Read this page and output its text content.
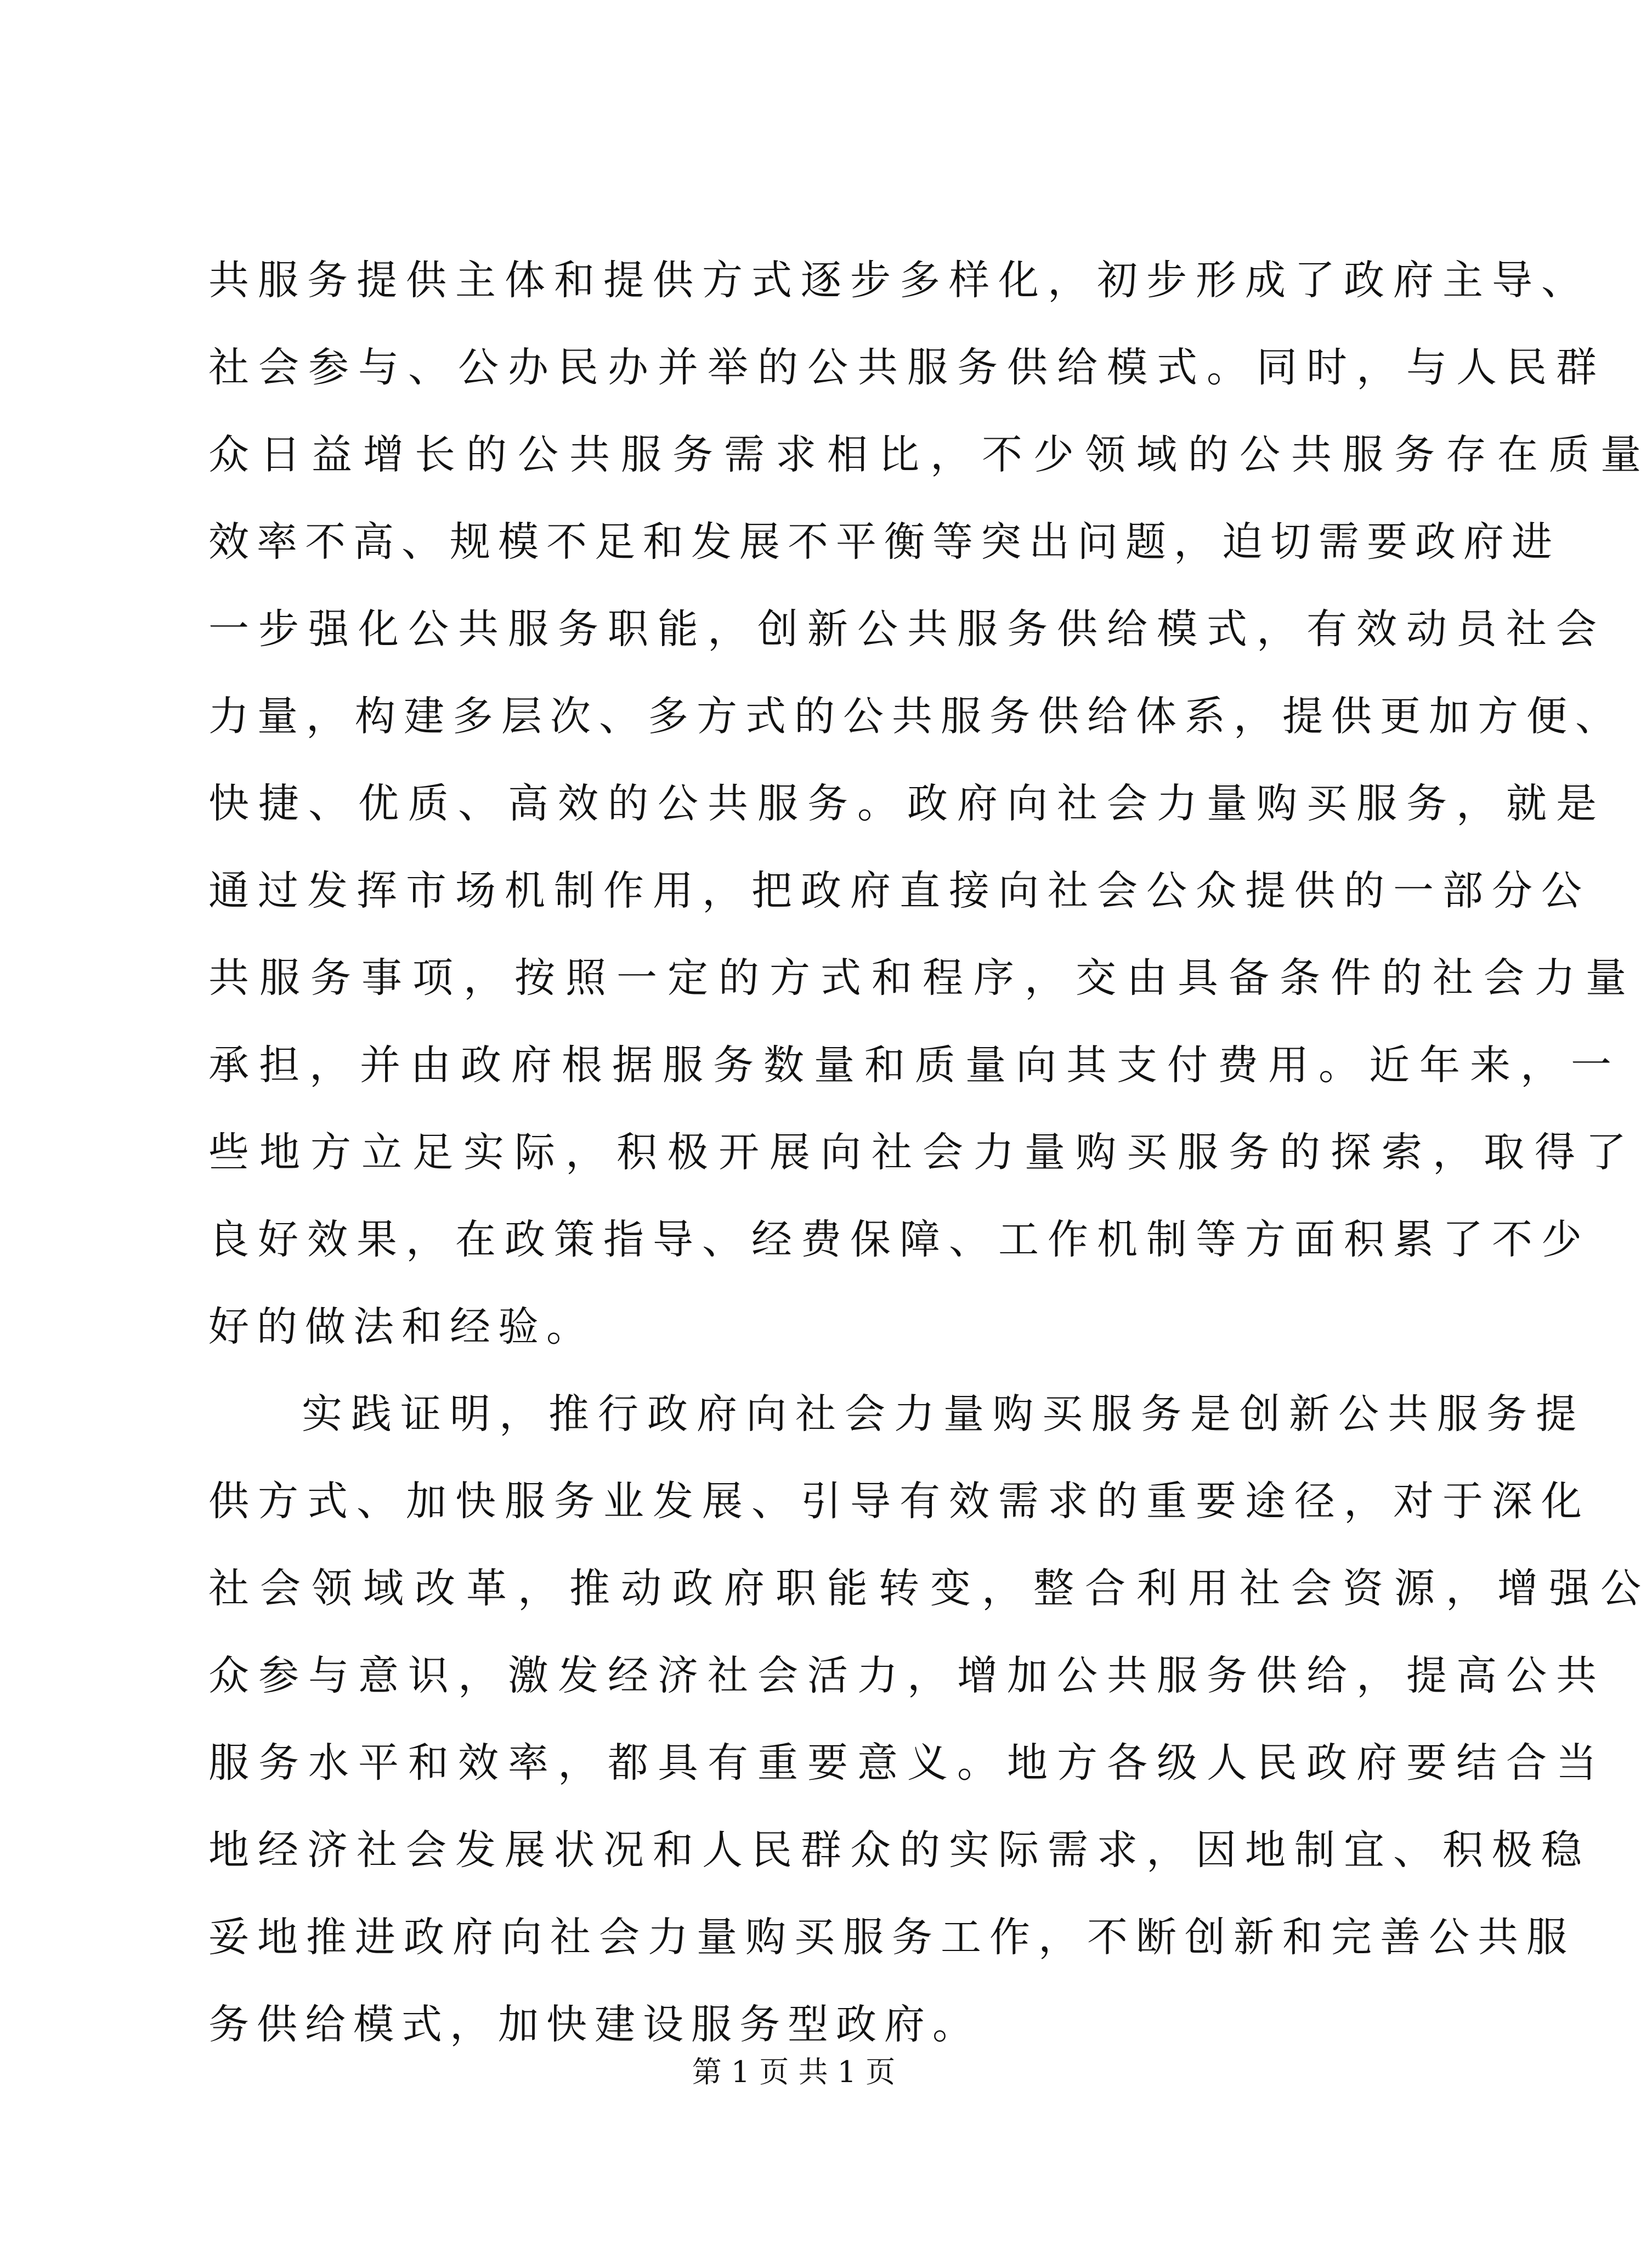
共服务提供主体和提供方式逐步多样化，初步形成了政府主导、
社会参与、公办民办并举的公共服务供给模式。同时，与人民群
众日益增长的公共服务需求相比，不少领域的公共服务存在质量
效率不高、规模不足和发展不平衡等突出问题，迫切需要政府进
一步强化公共服务职能，创新公共服务供给模式，有效动员社会
力量，构建多层次、多方式的公共服务供给体系，提供更加方便、
快捷、优质、高效的公共服务。政府向社会力量购买服务，就是
通过发挥市场机制作用，把政府直接向社会公众提供的一部分公
共服务事项，按照一定的方式和程序，交由具备条件的社会力量
承担，并由政府根据服务数量和质量向其支付费用。近年来，一
些地方立足实际，积极开展向社会力量购买服务的探索，取得了
良好效果，在政策指导、经费保障、工作机制等方面积累了不少
好的做法和经验。
实践证明，推行政府向社会力量购买服务是创新公共服务提
供方式、加快服务业发展、引导有效需求的重要途径，对于深化
社会领域改革，推动政府职能转变，整合利用社会资源，增强公
众参与意识，激发经济社会活力，增加公共服务供给，提高公共
服务水平和效率，都具有重要意义。地方各级人民政府要结合当
地经济社会发展状况和人民群众的实际需求，因地制宜、积极稳
妥地推进政府向社会力量购买服务工作，不断创新和完善公共服
务供给模式，加快建设服务型政府。
第 1 页 共 1 页
